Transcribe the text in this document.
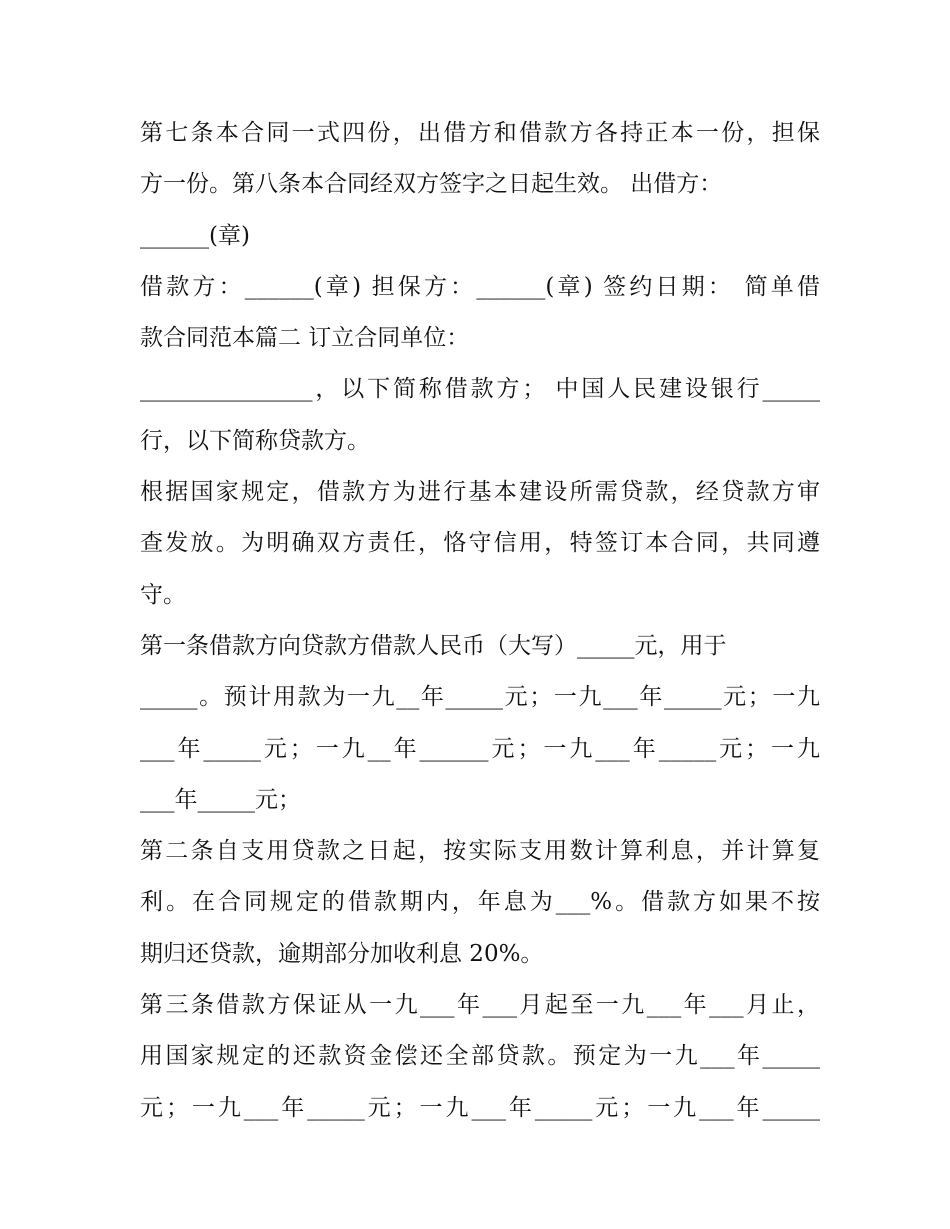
第七条本合同一式四份，出借方和借款方各持正本一份，担保
方一份。第八条本合同经双方签字之日起生效。 出借方：
______(章)
借款方：______(章) 担保方：______(章) 签约日期： 简单借
款合同范本篇二 订立合同单位：
_______________，以下简称借款方； 中国人民建设银行_____
行，以下简称贷款方。
根据国家规定，借款方为进行基本建设所需贷款，经贷款方审
查发放。为明确双方责任，恪守信用，特签订本合同，共同遵
守。
第一条借款方向贷款方借款人民币（大写）_____元，用于
_____。预计用款为一九__年_____元；一九___年_____元；一九
___年_____元；一九__年______元；一九___年_____元；一九
___年_____元；
第二条自支用贷款之日起，按实际支用数计算利息，并计算复
利。在合同规定的借款期内，年息为___%。借款方如果不按
期归还贷款，逾期部分加收利息 20%。
第三条借款方保证从一九___年___月起至一九___年___月止，
用国家规定的还款资金偿还全部贷款。预定为一九___年_____
元；一九___年_____元；一九___年_____元；一九___年_____
